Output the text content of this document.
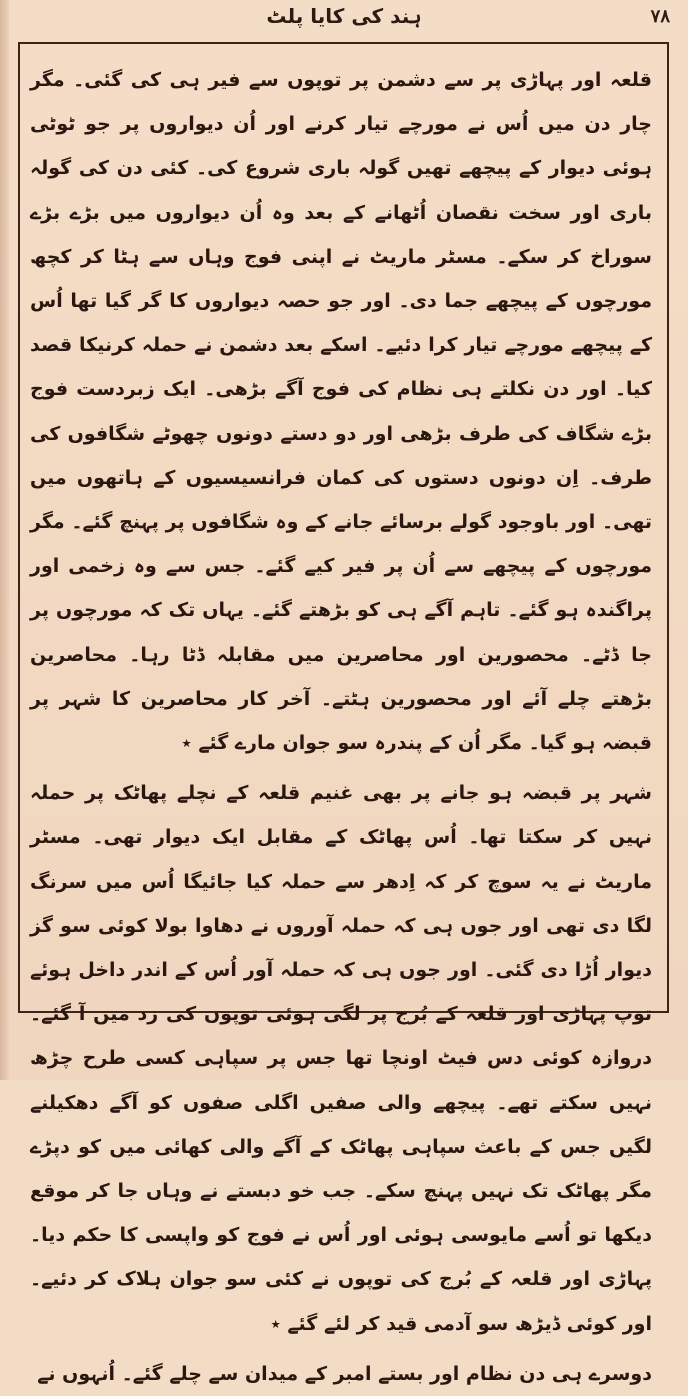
ہند کی کایا پلٹ	۷۸

قلعہ اور پہاڑی پر سے دشمن پر توپوں سے فیر ہی کی گئی۔ مگر چار دن میں اُس نے مورچے تیار کرنے اور اُن دیواروں پر جو ٹوٹی ہوئی دیوار کے پیچھے تھیں گولہ باری شروع کی۔ کئی دن کی گولہ باری اور سخت نقصان اُٹھانے کے بعد وہ اُن دیواروں میں بڑے بڑے سوراخ کر سکے۔ مسٹر ماریٹ نے اپنی فوج وہاں سے ہٹا کر کچھ مورچوں کے پیچھے جما دی۔ اور جو حصہ دیواروں کا گر گیا تھا اُس کے پیچھے مورچے تیار کرا دئیے۔ اسکے بعد دشمن نے حملہ کرنیکا قصد کیا۔ اور دن نکلتے ہی نظام کی فوج آگے بڑھی۔ ایک زبردست فوج بڑے شگاف کی طرف بڑھی اور دو دستے دونوں چھوٹے شگافوں کی طرف۔ اِن دونوں دستوں کی کمان فرانسیسیوں کے ہاتھوں میں تھی۔ اور باوجود گولے برسائے جانے کے وہ شگافوں پر پہنچ گئے۔ مگر مورچوں کے پیچھے سے اُن پر فیر کیے گئے۔ جس سے وہ زخمی اور پراگندہ ہو گئے۔ تاہم آگے ہی کو بڑھتے گئے۔ یہاں تک کہ مورچوں پر جا ڈٹے۔ محصورین اور محاصرین میں مقابلہ ڈٹا رہا۔ محاصرین بڑھتے چلے آئے اور محصورین ہٹتے۔ آخر کار محاصرین کا شہر پر قبضہ ہو گیا۔ مگر اُن کے پندرہ سو جوان مارے گئے ٭

شہر پر قبضہ ہو جانے پر بھی غنیم قلعہ کے نچلے پھاٹک پر حملہ نہیں کر سکتا تھا۔ اُس پھاٹک کے مقابل ایک دیوار تھی۔ مسٹر ماریٹ نے یہ سوچ کر کہ اِدھر سے حملہ کیا جائیگا اُس میں سرنگ لگا دی تھی اور جوں ہی کہ حملہ آوروں نے دھاوا بولا کوئی سو گز دیوار اُڑا دی گئی۔ اور جوں ہی کہ حملہ آور اُس کے اندر داخل ہوئے توپ پہاڑی اور قلعہ کے بُرج پر لگی ہوئی توپوں کی زد میں آ گئے۔ دروازہ کوئی دس فیٹ اونچا تھا جس پر سپاہی کسی طرح چڑھ نہیں سکتے تھے۔ پیچھے والی صفیں اگلی صفوں کو آگے دھکیلنے لگیں جس کے باعث سپاہی پھاٹک کے آگے والی کھائی میں کو دپڑے مگر پھاٹک تک نہیں پہنچ سکے۔ جب خو دبستے نے وہاں جا کر موقع دیکھا تو اُسے مایوسی ہوئی اور اُس نے فوج کو واپسی کا حکم دیا۔ پہاڑی اور قلعہ کے بُرج کی توپوں نے کئی سو جوان ہلاک کر دئیے۔ اور کوئی ڈیڑھ سو آدمی قید کر لئے گئے ٭

دوسرے ہی دن نظام اور بستے امبر کے میدان سے چلے گئے۔ اُنہوں نے
